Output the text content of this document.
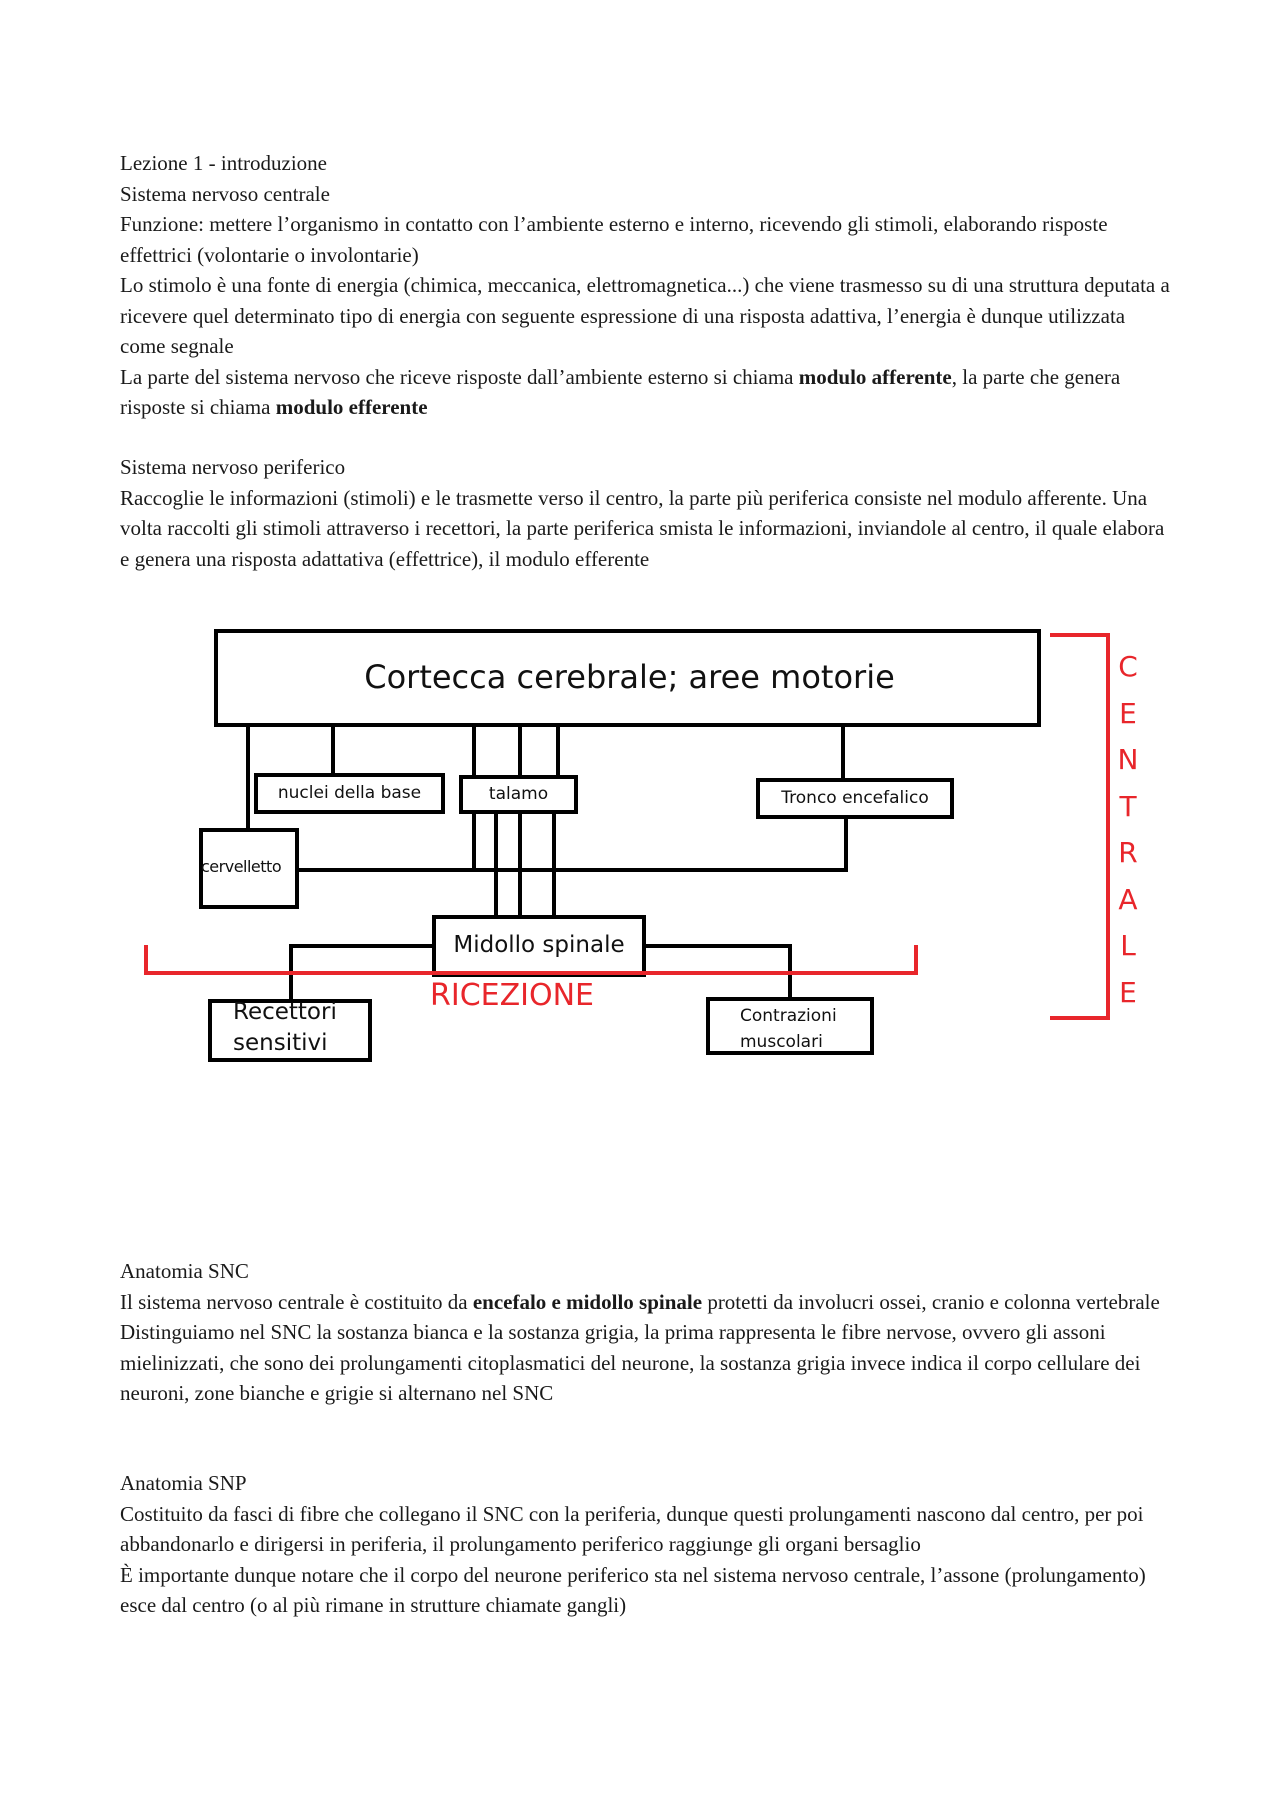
Lezione 1 - introduzione

Sistema nervoso centrale

Funzione: mettere l’organismo in contatto con l’ambiente esterno e interno, ricevendo gli stimoli, elaborando risposte effettrici (volontarie o involontarie)

Lo stimolo è una fonte di energia (chimica, meccanica, elettromagnetica...) che viene trasmesso su di una struttura deputata a ricevere quel determinato tipo di energia con seguente espressione di una risposta adattiva, l’energia è dunque utilizzata come segnale

La parte del sistema nervoso che riceve risposte dall’ambiente esterno si chiama modulo afferente, la parte che genera risposte si chiama modulo efferente

Sistema nervoso periferico

Raccoglie le informazioni (stimoli) e le trasmette verso il centro, la parte più periferica consiste nel modulo afferente. Una volta raccolti gli stimoli attraverso i recettori, la parte periferica smista le informazioni, inviandole al centro, il quale elabora e genera una risposta adattativa (effettrice), il modulo efferente

Cortecca cerebrale; aree motorie
nuclei della base	talamo	Tronco encefalico
cervelletto
Midollo spinale
Recettori
sensitivi
Contrazioni
muscolari
C
E
N
T
R
A
L
E
RICEZIONE

Anatomia SNC

Il sistema nervoso centrale è costituito da encefalo e midollo spinale protetti da involucri ossei, cranio e colonna vertebrale

Distinguiamo nel SNC la sostanza bianca e la sostanza grigia, la prima rappresenta le fibre nervose, ovvero gli assoni mielinizzati, che sono dei prolungamenti citoplasmatici del neurone, la sostanza grigia invece indica il corpo cellulare dei neuroni, zone bianche e grigie si alternano nel SNC

Anatomia SNP

Costituito da fasci di fibre che collegano il SNC con la periferia, dunque questi prolungamenti nascono dal centro, per poi abbandonarlo e dirigersi in periferia, il prolungamento periferico raggiunge gli organi bersaglio

È importante dunque notare che il corpo del neurone periferico sta nel sistema nervoso centrale, l’assone (prolungamento) esce dal centro (o al più rimane in strutture chiamate gangli)
